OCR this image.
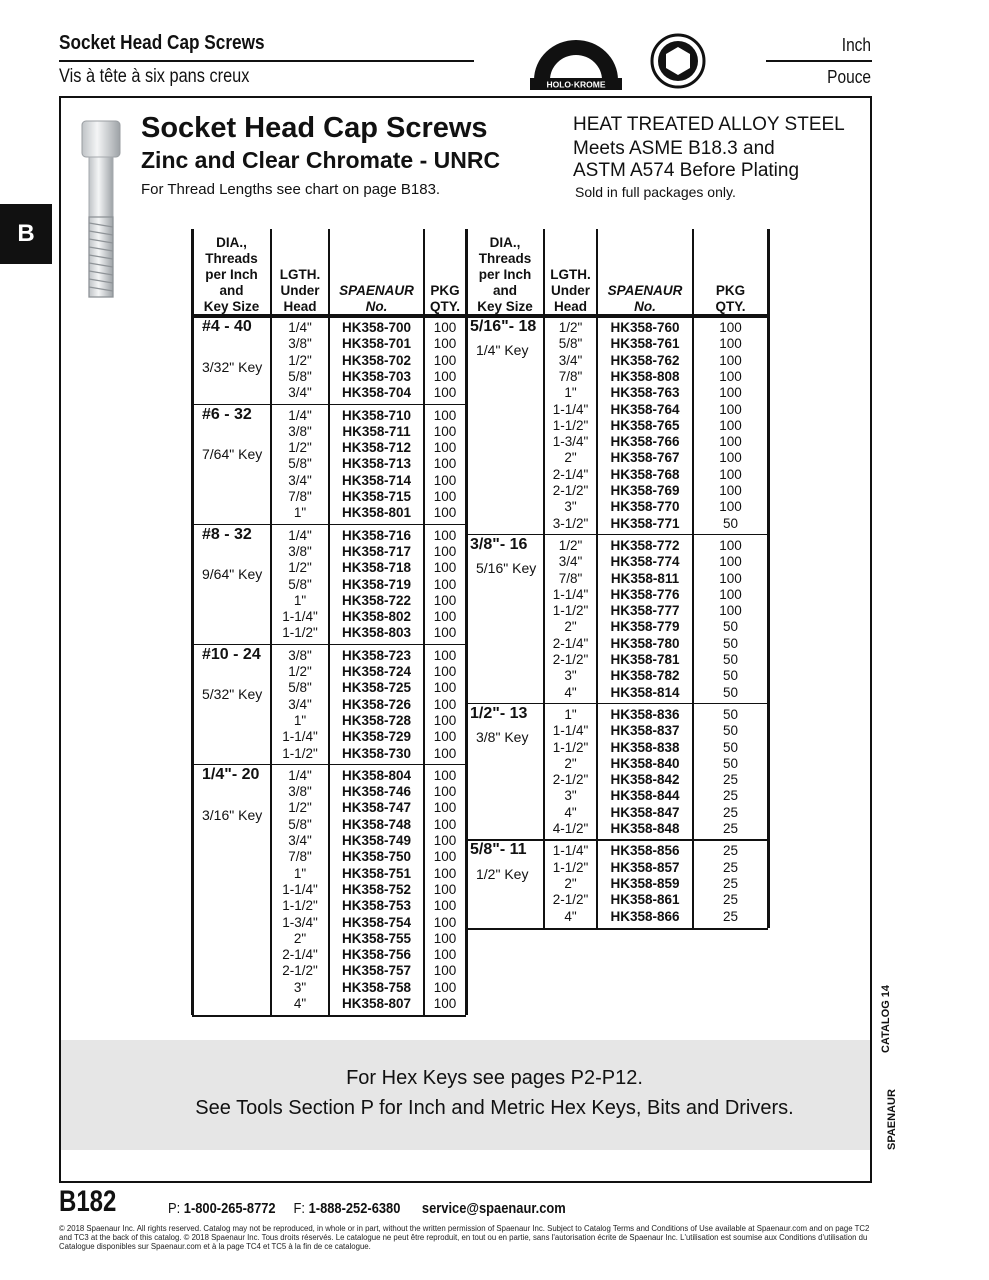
Socket Head Cap Screws
Vis à tête à six pans creux	HOLO·KROME
Inch
Pouce
B
Socket Head Cap Screws
Zinc and Clear Chromate - UNRC
For Thread Lengths see chart on page B183.
HEAT TREATED ALLOY STEEL
Meets ASME B18.3 and
ASTM A574 Before Plating
Sold in full packages only.
DIA.,
Threads
per Inch
and
Key Size
LGTH.
Under
Head
SPAENAUR
No.
PKG
QTY.
#4 - 40
3/32" Key
1/4" HK358-700 100
3/8" HK358-701 100
1/2" HK358-702 100
5/8" HK358-703 100
3/4" HK358-704 100
#6 - 32
7/64" Key
1/4" HK358-710 100
3/8" HK358-711 100
1/2" HK358-712 100
5/8" HK358-713 100
3/4" HK358-714 100
7/8" HK358-715 100
1"	HK358-801 100
#8 - 32
9/64" Key
1/4" HK358-716 100
3/8" HK358-717 100
1/2" HK358-718 100
5/8" HK358-719 100
1"	HK358-722 100
1-1/4" HK358-802 100
1-1/2" HK358-803 100
#10 - 24
5/32" Key
3/8" HK358-723 100
1/2" HK358-724 100
5/8" HK358-725 100
3/4" HK358-726 100
1"	HK358-728 100
1-1/4" HK358-729 100
1-1/2" HK358-730 100
1/4"- 20
3/16" Key
1/4" HK358-804 100
3/8" HK358-746 100
1/2" HK358-747 100
5/8" HK358-748 100
3/4" HK358-749 100
7/8" HK358-750 100
1"	HK358-751 100
1-1/4" HK358-752 100
1-1/2" HK358-753 100
1-3/4" HK358-754 100
2"	HK358-755 100
2-1/4" HK358-756 100
2-1/2" HK358-757 100
3"	HK358-758 100
4"	HK358-807 100
DIA.,
Threads
per Inch
and
Key Size
LGTH.
Under
Head
SPAENAUR
No.
PKG
QTY.
5/16"- 18
1/4" Key
1/2" HK358-760	100
5/8" HK358-761	100
3/4" HK358-762	100
7/8" HK358-808	100
1"	HK358-763	100
1-1/4" HK358-764	100
1-1/2" HK358-765	100
1-3/4" HK358-766	100
2"	HK358-767	100
2-1/4" HK358-768	100
2-1/2" HK358-769	100
3"	HK358-770	100
3-1/2" HK358-771	50
3/8"- 16
5/16" Key
1/2" HK358-772	100
3/4" HK358-774	100
7/8" HK358-811	100
1-1/4" HK358-776	100
1-1/2" HK358-777	100
2"	HK358-779	50
2-1/4" HK358-780	50
2-1/2" HK358-781	50
3"	HK358-782	50
4"	HK358-814	50
1/2"- 13
3/8" Key
1"	HK358-836	50
1-1/4" HK358-837	50
1-1/2" HK358-838	50
2"	HK358-840	50
2-1/2" HK358-842	25
3"	HK358-844	25
4"	HK358-847	25
4-1/2" HK358-848	25
5/8"- 11
1/2" Key
1-1/4" HK358-856	25
1-1/2" HK358-857	25
2"	HK358-859	25
2-1/2" HK358-861	25
4"	HK358-866	25
For Hex Keys see pages P2-P12.
See Tools Section P for Inch and Metric Hex Keys, Bits and Drivers.
CATALOG 14
SPAENAUR
B182	P: 1-800-265-8772 F: 1-888-252-6380 service@spaenaur.com
© 2018 Spaenaur Inc. All rights reserved. Catalog may not be reproduced, in whole or in part, without the written permission of Spaenaur Inc. Subject to Catalog Terms and Conditions of Use available at Spaenaur.com and on page TC2 and TC3 at the back of this catalog. © 2018 Spaenaur Inc. Tous droits réservés. Le catalogue ne peut être reproduit, en tout ou en partie, sans l'autorisation écrite de Spaenaur Inc. L'utilisation est soumise aux Conditions d'utilisation du Catalogue disponibles sur Spaenaur.com et à la page TC4 et TC5 à la fin de ce catalogue.
